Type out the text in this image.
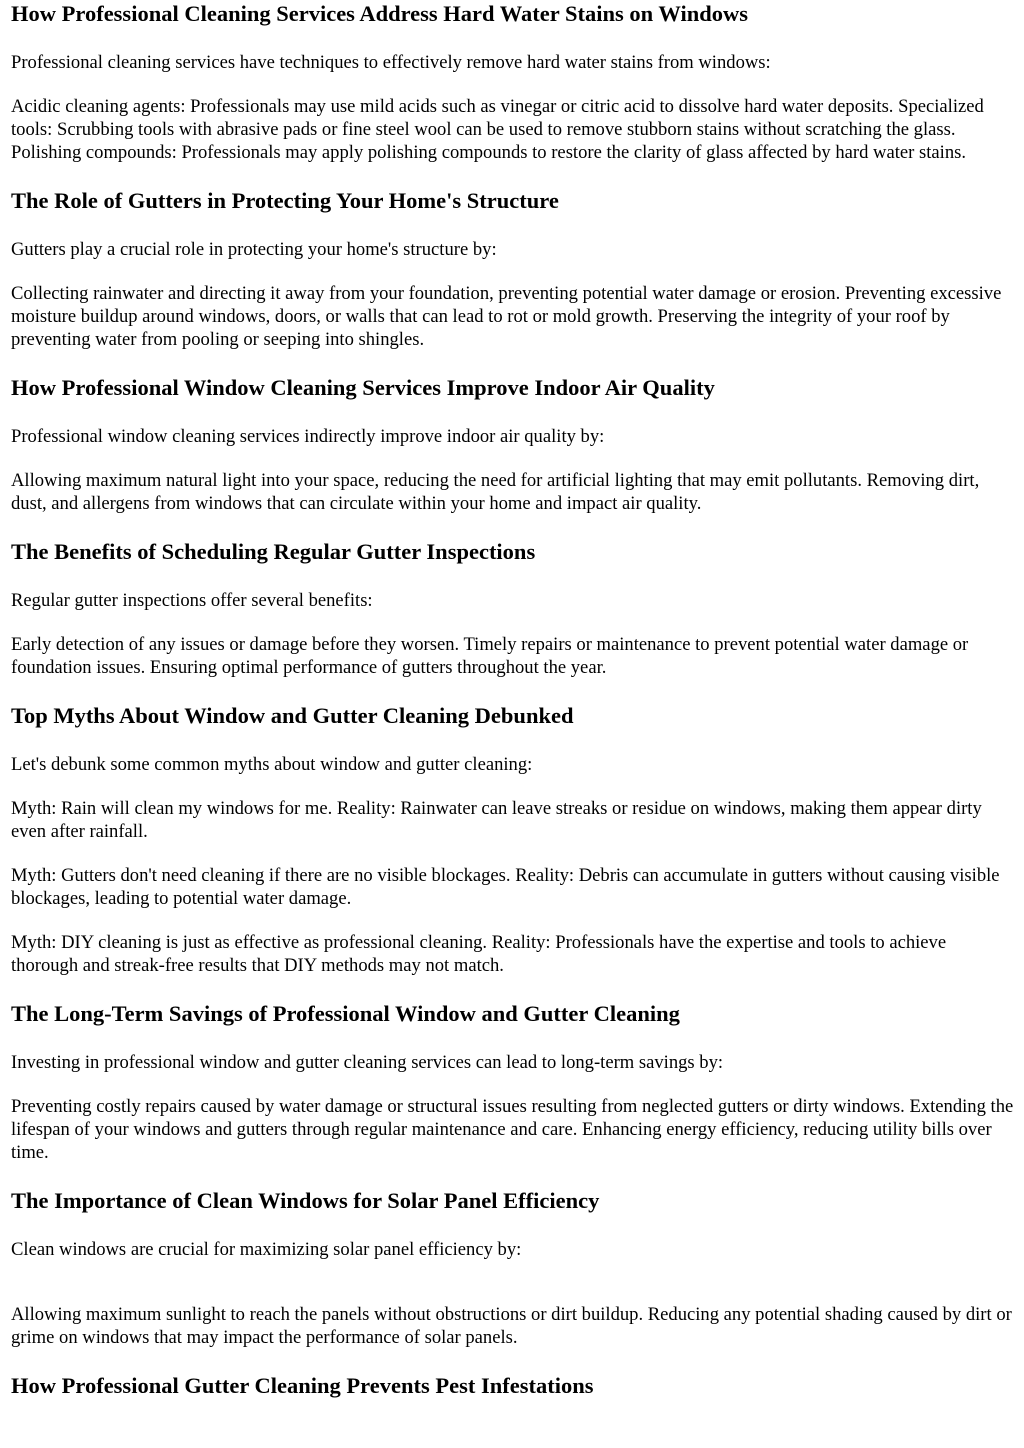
How Professional Cleaning Services Address Hard Water Stains on Windows

Professional cleaning services have techniques to effectively remove hard water stains from windows:

Acidic cleaning agents: Professionals may use mild acids such as vinegar or citric acid to dissolve hard water deposits. Specialized tools: Scrubbing tools with abrasive pads or fine steel wool can be used to remove stubborn stains without scratching the glass. Polishing compounds: Professionals may apply polishing compounds to restore the clarity of glass affected by hard water stains.

The Role of Gutters in Protecting Your Home's Structure

Gutters play a crucial role in protecting your home's structure by:

Collecting rainwater and directing it away from your foundation, preventing potential water damage or erosion. Preventing excessive moisture buildup around windows, doors, or walls that can lead to rot or mold growth. Preserving the integrity of your roof by preventing water from pooling or seeping into shingles.

How Professional Window Cleaning Services Improve Indoor Air Quality

Professional window cleaning services indirectly improve indoor air quality by:

Allowing maximum natural light into your space, reducing the need for artificial lighting that may emit pollutants. Removing dirt, dust, and allergens from windows that can circulate within your home and impact air quality.

The Benefits of Scheduling Regular Gutter Inspections

Regular gutter inspections offer several benefits:

Early detection of any issues or damage before they worsen. Timely repairs or maintenance to prevent potential water damage or foundation issues. Ensuring optimal performance of gutters throughout the year.

Top Myths About Window and Gutter Cleaning Debunked

Let's debunk some common myths about window and gutter cleaning:

Myth: Rain will clean my windows for me. Reality: Rainwater can leave streaks or residue on windows, making them appear dirty even after rainfall.

Myth: Gutters don't need cleaning if there are no visible blockages. Reality: Debris can accumulate in gutters without causing visible blockages, leading to potential water damage.

Myth: DIY cleaning is just as effective as professional cleaning. Reality: Professionals have the expertise and tools to achieve thorough and streak-free results that DIY methods may not match.

The Long-Term Savings of Professional Window and Gutter Cleaning

Investing in professional window and gutter cleaning services can lead to long-term savings by:

Preventing costly repairs caused by water damage or structural issues resulting from neglected gutters or dirty windows. Extending the lifespan of your windows and gutters through regular maintenance and care. Enhancing energy efficiency, reducing utility bills over time.

The Importance of Clean Windows for Solar Panel Efficiency

Clean windows are crucial for maximizing solar panel efficiency by:

Allowing maximum sunlight to reach the panels without obstructions or dirt buildup. Reducing any potential shading caused by dirt or grime on windows that may impact the performance of solar panels.

How Professional Gutter Cleaning Prevents Pest Infestations
